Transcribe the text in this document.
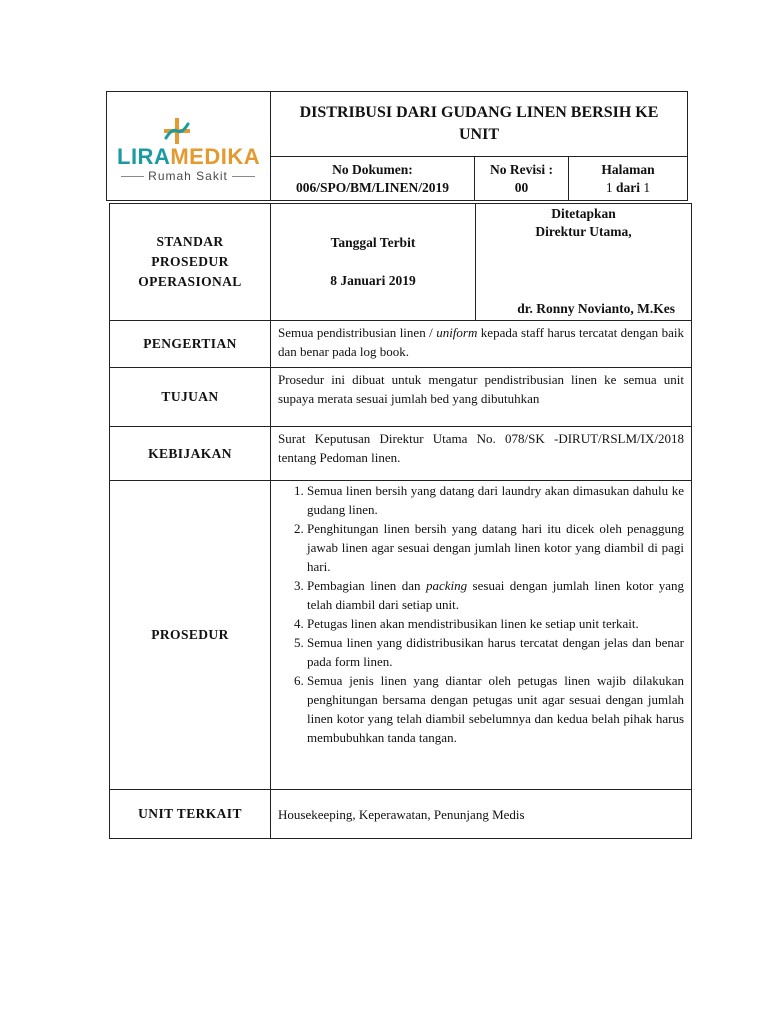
LIRAMEDIKA
Rumah Sakit
DISTRIBUSI DARI GUDANG LINEN BERSIH KE UNIT
No Dokumen:
006/SPO/BM/LINEN/2019
No Revisi :
00
Halaman
1 dari 1
STANDAR PROSEDUR OPERASIONAL
Tanggal Terbit
8 Januari 2019
Ditetapkan
Direktur Utama,
dr. Ronny Novianto, M.Kes
PENGERTIAN
Semua pendistribusian linen / uniform kepada staff harus tercatat dengan baik dan benar pada log book.
TUJUAN
Prosedur ini dibuat untuk mengatur pendistribusian linen ke semua unit supaya merata sesuai jumlah bed yang dibutuhkan
KEBIJAKAN
Surat Keputusan Direktur Utama No. 078/SK -DIRUT/RSLM/IX/2018 tentang Pedoman linen.
PROSEDUR
1. Semua linen bersih yang datang dari laundry akan dimasukan dahulu ke gudang linen.
2. Penghitungan linen bersih yang datang hari itu dicek oleh penaggung jawab linen agar sesuai dengan jumlah linen kotor yang diambil di pagi hari.
3. Pembagian linen dan packing sesuai dengan jumlah linen kotor yang telah diambil dari setiap unit.
4. Petugas linen akan mendistribusikan linen ke setiap unit terkait.
5. Semua linen yang didistribusikan harus tercatat dengan jelas dan benar pada form linen.
6. Semua jenis linen yang diantar oleh petugas linen wajib dilakukan penghitungan bersama dengan petugas unit agar sesuai dengan jumlah linen kotor yang telah diambil sebelumnya dan kedua belah pihak harus membubuhkan tanda tangan.
UNIT TERKAIT	Housekeeping, Keperawatan, Penunjang Medis
